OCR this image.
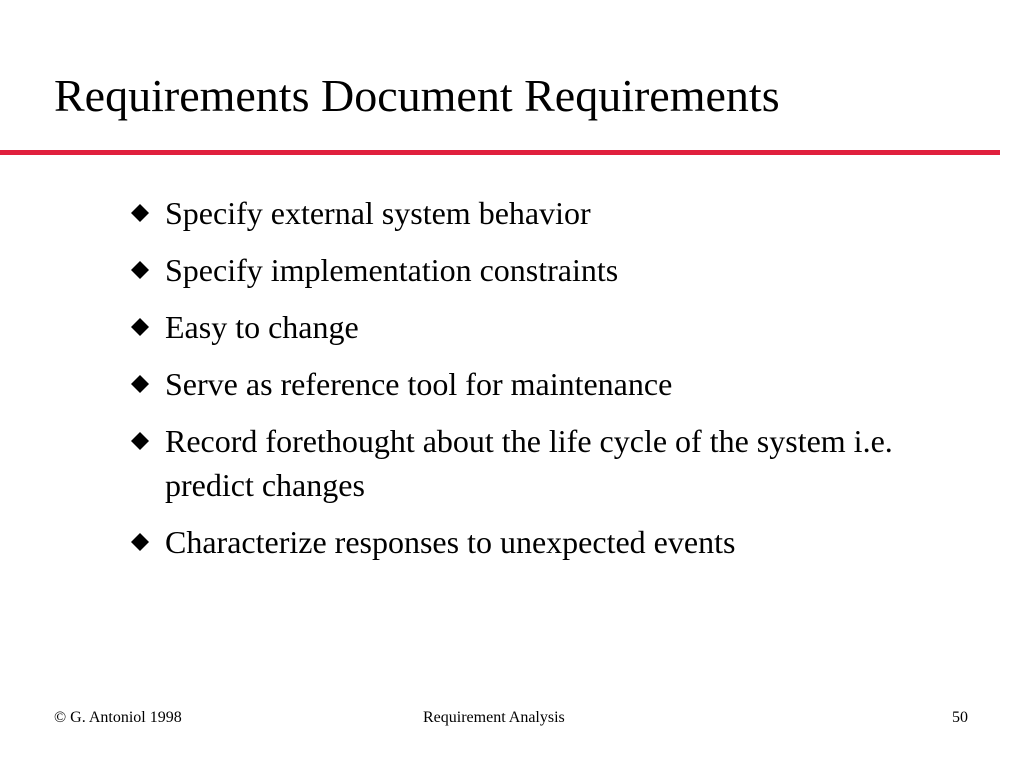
Requirements Document Requirements
Specify external system behavior
Specify implementation constraints
Easy to change
Serve as reference tool for maintenance
Record forethought about the life cycle of the system i.e. predict changes
Characterize responses to unexpected events
© G. Antoniol 1998	Requirement Analysis	50
